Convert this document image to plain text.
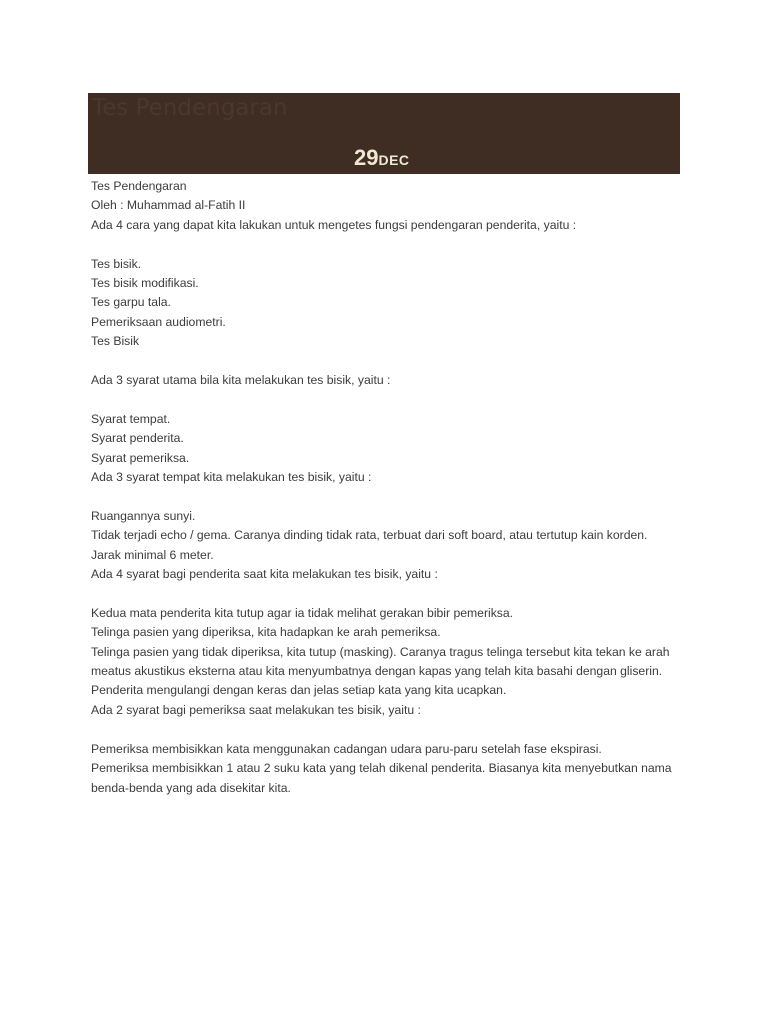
Tes Pendengaran
29DEC

Tes Pendengaran

Oleh : Muhammad al-Fatih II

Ada 4 cara yang dapat kita lakukan untuk mengetes fungsi pendengaran penderita, yaitu :

Tes bisik.

Tes bisik modifikasi.

Tes garpu tala.

Pemeriksaan audiometri.

Tes Bisik

Ada 3 syarat utama bila kita melakukan tes bisik, yaitu :

Syarat tempat.

Syarat penderita.

Syarat pemeriksa.

Ada 3 syarat tempat kita melakukan tes bisik, yaitu :

Ruangannya sunyi.

Tidak terjadi echo / gema. Caranya dinding tidak rata, terbuat dari soft board, atau tertutup kain korden.

Jarak minimal 6 meter.

Ada 4 syarat bagi penderita saat kita melakukan tes bisik, yaitu :

Kedua mata penderita kita tutup agar ia tidak melihat gerakan bibir pemeriksa.

Telinga pasien yang diperiksa, kita hadapkan ke arah pemeriksa.

Telinga pasien yang tidak diperiksa, kita tutup (masking). Caranya tragus telinga tersebut kita tekan ke arah meatus akustikus eksterna atau kita menyumbatnya dengan kapas yang telah kita basahi dengan gliserin.

Penderita mengulangi dengan keras dan jelas setiap kata yang kita ucapkan.

Ada 2 syarat bagi pemeriksa saat melakukan tes bisik, yaitu :

Pemeriksa membisikkan kata menggunakan cadangan udara paru-paru setelah fase ekspirasi.

Pemeriksa membisikkan 1 atau 2 suku kata yang telah dikenal penderita. Biasanya kita menyebutkan nama benda-benda yang ada disekitar kita.
